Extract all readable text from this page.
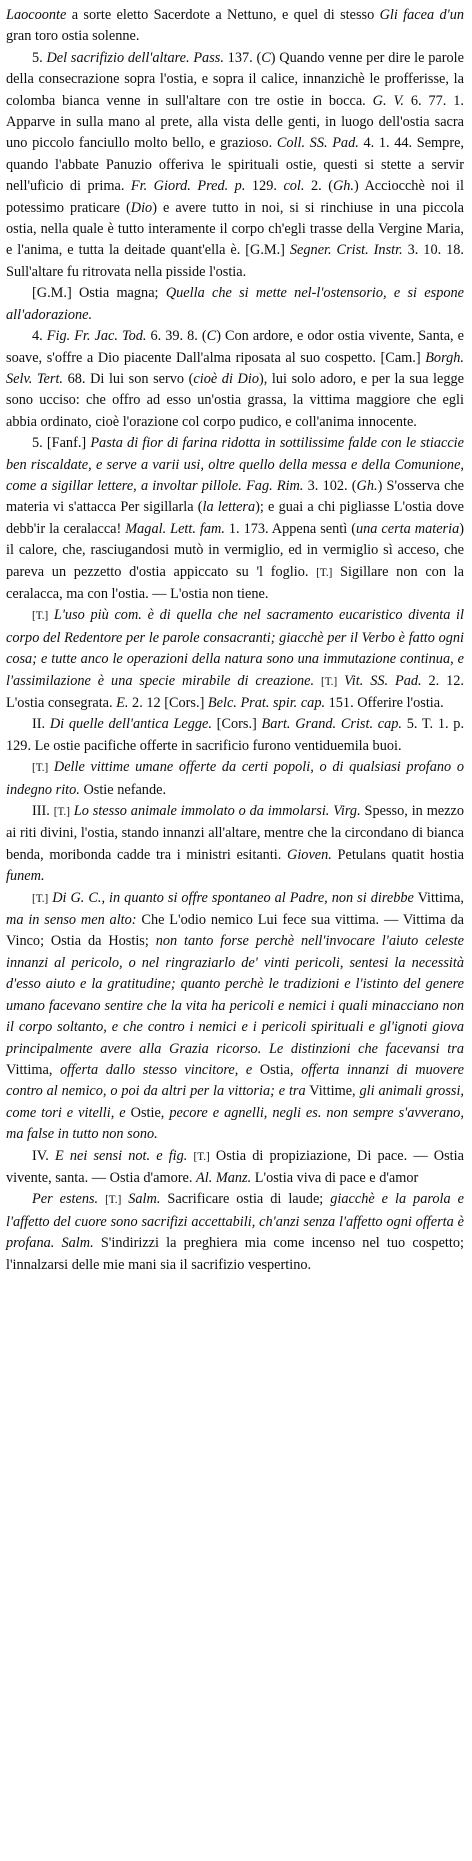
Laocoonte a sorte eletto Sacerdote a Nettuno, e quel di stesso Gli facea d'un gran toro ostia solenne.

5. Del sacrifizio dell'altare. Pass. 137. (C) Quando venne per dire le parole della consecrazione sopra l'ostia, e sopra il calice, innanzichè le profferisse, la colomba bianca venne in sull'altare con tre ostie in bocca. G. V. 6. 77. 1. Apparve in sulla mano al prete, alla vista delle genti, in luogo dell'ostia sacra uno piccolo fanciullo molto bello, e grazioso. Coll. SS. Pad. 4. 1. 44. Sempre, quando l'abbate Panuzio offeriva le spirituali ostie, questi si stette a servir nell'uficio di prima. Fr. Giord. Pred. p. 129. col. 2. (Gh.) Acciocchè noi il potessimo praticare (Dio) e avere tutto in noi, si si rinchiuse in una piccola ostia, nella quale è tutto interamente il corpo ch'egli trasse della Vergine Maria, e l'anima, e tutta la deitade quant'ella è. [G.M.] Segner. Crist. Instr. 3. 10. 18. Sull'altare fu ritrovata nella pisside l'ostia.

[G.M.] Ostia magna; Quella che si mette nel-l'ostensorio, e si espone all'adorazione.

4. Fig. Fr. Jac. Tod. 6. 39. 8. (C) Con ardore, e odor ostia vivente, Santa, e soave, s'offre a Dio piacente Dall'alma riposata al suo cospetto. [Cam.] Borgh. Selv. Tert. 68. Di lui son servo (cioè di Dio), lui solo adoro, e per la sua legge sono ucciso: che offro ad esso un'ostia grassa, la vittima maggiore che egli abbia ordinato, cioè l'orazione col corpo pudico, e coll'anima innocente.

5. [Fanf.] Pasta di fior di farina ridotta in sottilissime falde con le stiaccie ben riscaldate, e serve a varii usi, oltre quello della messa e della Comunione, come a sigillar lettere, a involtar pillole. Fag. Rim. 3. 102. (Gh.) S'osserva che materia vi s'attacca Per sigillarla (la lettera); e guai a chi pigliasse L'ostia dove debb'ir la ceralacca! Magal. Lett. fam. 1. 173. Appena sentì (una certa materia) il calore, che, rasciugandosi mutò in vermiglio, ed in vermiglio sì acceso, che pareva un pezzetto d'ostia appiccato su 'l foglio. [T.] Sigillare non con la ceralacca, ma con l'ostia. — L'ostia non tiene.

[T.] L'uso più com. è di quella che nel sacramento eucaristico diventa il corpo del Redentore per le parole consacranti; giacchè per il Verbo è fatto ogni cosa; e tutte anco le operazioni della natura sono una immutazione continua, e l'assimilazione è una specie mirabile di creazione. [T.] Vit. SS. Pad. 2. 12. L'ostia consegrata. E. 2. 12 [Cors.] Belc. Prat. spir. cap. 151. Offerire l'ostia.

II. Di quelle dell'antica Legge. [Cors.] Bart. Grand. Crist. cap. 5. T. 1. p. 129. Le ostie pacifiche offerte in sacrificio furono ventiduemila buoi.

[T.] Delle vittime umane offerte da certi popoli, o di qualsiasi profano o indegno rito. Ostie nefande.

III. [T.] Lo stesso animale immolato o da immolarsi. Virg. Spesso, in mezzo ai riti divini, l'ostia, stando innanzi all'altare, mentre che la circondano di bianca benda, moribonda cadde tra i ministri esitanti. Gioven. Petulans quatit hostia funem.

[T.] Di G. C., in quanto si offre spontaneo al Padre, non si direbbe Vittima, ma in senso men alto: Che L'odio nemico Lui fece sua vittima. — Vittima da Vinco; Ostia da Hostis; non tanto forse perchè nell'invocare l'aiuto celeste innanzi al pericolo, o nel ringraziarlo de' vinti pericoli, sentesi la necessità d'esso aiuto e la gratitudine; quanto perchè le tradizioni e l'istinto del genere umano facevano sentire che la vita ha pericoli e nemici i quali minacciano non il corpo soltanto, e che contro i nemici e i pericoli spirituali e gl'ignoti giova principalmente avere alla Grazia ricorso. Le distinzioni che facevansi tra Vittima, offerta dallo stesso vincitore, e Ostia, offerta innanzi di muovere contro al nemico, o poi da altri per la vittoria; e tra Vittime, gli animali grossi, come tori e vitelli, e Ostie, pecore e agnelli, negli es. non sempre s'avverano, ma false in tutto non sono.

IV. E nei sensi not. e fig. [T.] Ostia di propiziazione, Di pace. — Ostia vivente, santa. — Ostia d'amore. Al. Manz. L'ostia viva di pace e d'amor

Per estens. [T.] Salm. Sacrificare ostia di laude; giacchè e la parola e l'affetto del cuore sono sacrifizi accettabili, ch'anzi senza l'affetto ogni offerta è profana. Salm. S'indirizzi la preghiera mia come incenso nel tuo cospetto; l'innalzarsi delle mie mani sia il sacrifizio vespertino.
